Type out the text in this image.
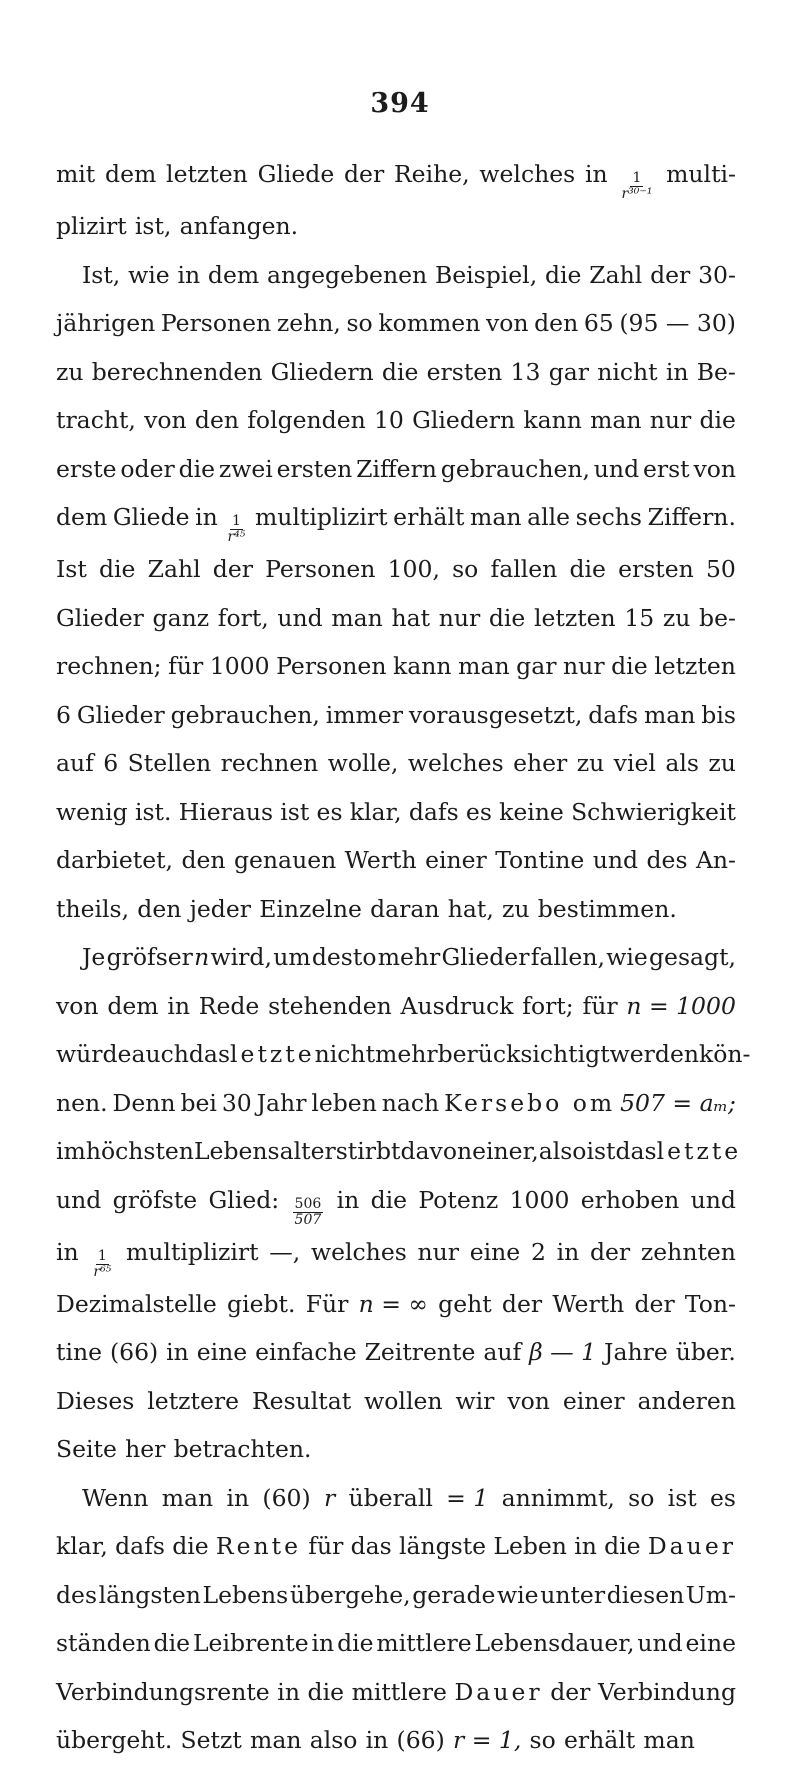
394
mit dem letzten Gliede der Reihe, welches in $\frac{1}{\text{r³⁰⁻¹}}$ multi-
plizirt ist, anfangen.
Ist, wie in dem angegebenen Beispiel, die Zahl der 30-
jährigen Personen zehn, so kommen von den 65 (95 — 30)
zu berechnenden Gliedern die ersten 13 gar nicht in Be-
tracht, von den folgenden 10 Gliedern kann man nur die
erste oder die zwei ersten Ziffern gebrauchen, und erst von
dem Gliede in $\frac{1}{\text{r⁴⁵}}$ multiplizirt erhält man alle sechs Ziffern.
Ist die Zahl der Personen 100, so fallen die ersten 50
Glieder ganz fort, und man hat nur die letzten 15 zu be-
rechnen; für 1000 Personen kann man gar nur die letzten
6 Glieder gebrauchen, immer vorausgesetzt, dafs man bis
auf 6 Stellen rechnen wolle, welches eher zu viel als zu
wenig ist. Hieraus ist es klar, dafs es keine Schwierigkeit
darbietet, den genauen Werth einer Tontine und des An-
theils, den jeder Einzelne daran hat, zu bestimmen.
Je gröfser n wird, um desto mehr Glieder fallen, wie gesagt,
von dem in Rede stehenden Ausdruck fort; für n = 1000
würde auch das letzte nicht mehr berücksichtigt werden kön-
nen. Denn bei 30 Jahr leben nach Kersebo om 507 = aₘ;
im höchsten Lebensalter stirbt davon einer, also ist das letzte
und gröfste Glied: $\frac{506}{507}$ in die Potenz 1000 erhoben und
in $\frac{1}{\text{r⁶⁵}}$ multiplizirt —, welches nur eine 2 in der zehnten
Dezimalstelle giebt. Für n = ∞ geht der Werth der Ton-
tine (66) in eine einfache Zeitrente auf β — 1 Jahre über.
Dieses letztere Resultat wollen wir von einer anderen
Seite her betrachten.
Wenn man in (60) r überall = 1 annimmt, so ist es
klar, dafs die Rente für das längste Leben in die Dauer
des längsten Lebens übergehe, gerade wie unter diesen Um-
ständen die Leibrente in die mittlere Lebensdauer, und eine
Verbindungsrente in die mittlere Dauer der Verbindung
übergeht. Setzt man also in (66) r = 1, so erhält man
